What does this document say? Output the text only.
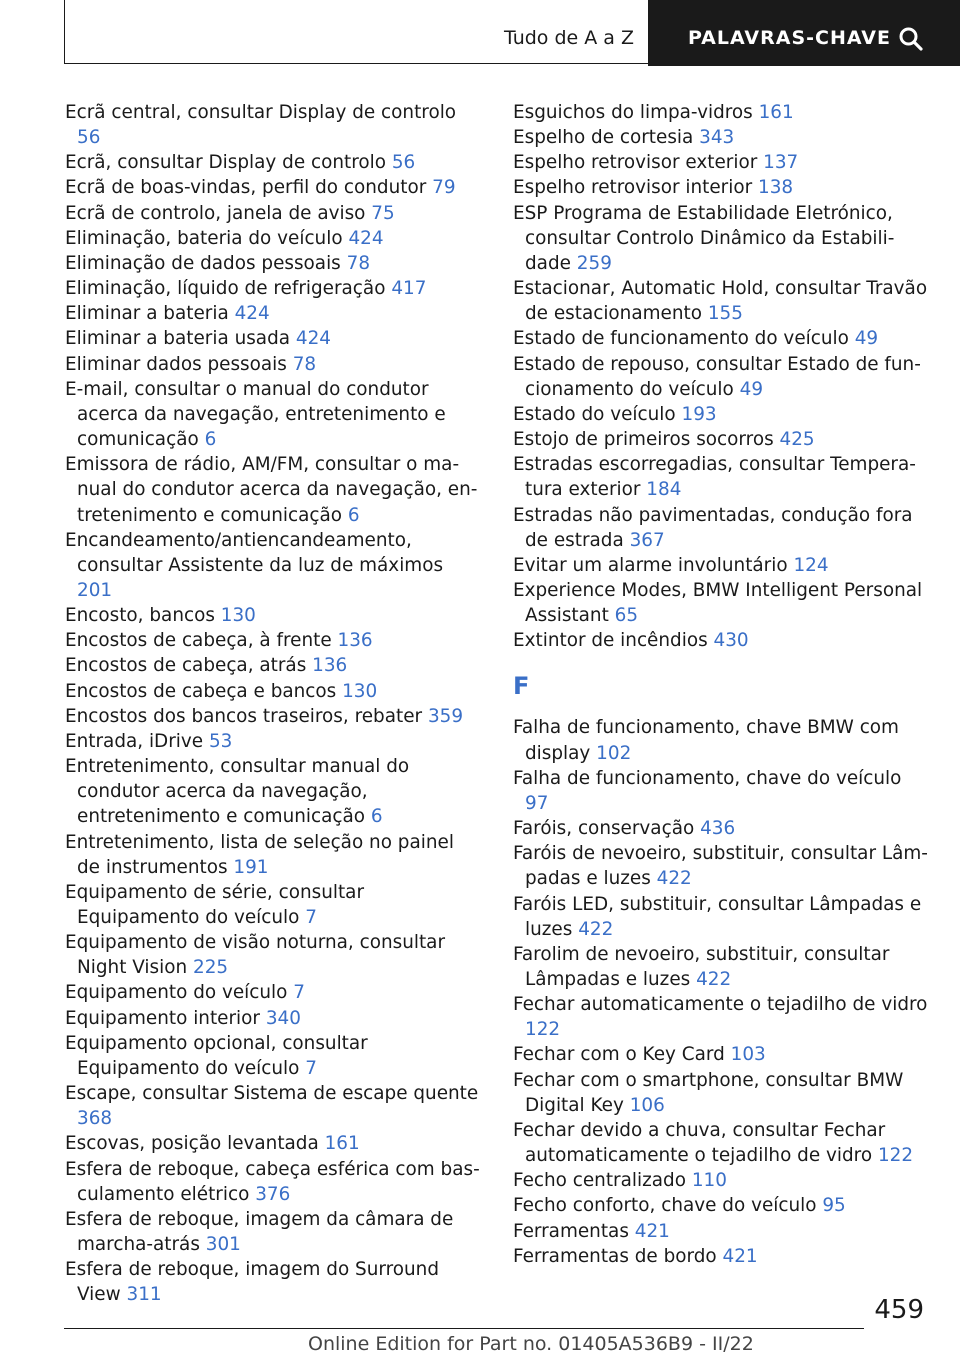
Tudo de A a Z	PALAVRAS-CHAVE
Ecrã central, consultar Display de controlo 56
Ecrã, consultar Display de controlo 56
Ecrã de boas-vindas, perfil do condutor 79
Ecrã de controlo, janela de aviso 75
Eliminação, bateria do veículo 424
Eliminação de dados pessoais 78
Eliminação, líquido de refrigeração 417
Eliminar a bateria 424
Eliminar a bateria usada 424
Eliminar dados pessoais 78
E-mail, consultar o manual do condutor acerca da navegação, entretenimento e comunicação 6
Emissora de rádio, AM/FM, consultar o manual do condutor acerca da navegação, entretenimento e comunicação 6
Encandeamento/antiencandeamento, consultar Assistente da luz de máximos 201
Encosto, bancos 130
Encostos de cabeça, à frente 136
Encostos de cabeça, atrás 136
Encostos de cabeça e bancos 130
Encostos dos bancos traseiros, rebater 359
Entrada, iDrive 53
Entretenimento, consultar manual do condutor acerca da navegação, entretenimento e comunicação 6
Entretenimento, lista de seleção no painel de instrumentos 191
Equipamento de série, consultar Equipamento do veículo 7
Equipamento de visão noturna, consultar Night Vision 225
Equipamento do veículo 7
Equipamento interior 340
Equipamento opcional, consultar Equipamento do veículo 7
Escape, consultar Sistema de escape quente 368
Escovas, posição levantada 161
Esfera de reboque, cabeça esférica com basculamento elétrico 376
Esfera de reboque, imagem da câmara de marcha-atrás 301
Esfera de reboque, imagem do Surround View 311
Esguichos do limpa-vidros 161
Espelho de cortesia 343
Espelho retrovisor exterior 137
Espelho retrovisor interior 138
ESP Programa de Estabilidade Eletrónico, consultar Controlo Dinâmico da Estabilidade 259
Estacionar, Automatic Hold, consultar Travão de estacionamento 155
Estado de funcionamento do veículo 49
Estado de repouso, consultar Estado de funcionamento do veículo 49
Estado do veículo 193
Estojo de primeiros socorros 425
Estradas escorregadias, consultar Temperatura exterior 184
Estradas não pavimentadas, condução fora de estrada 367
Evitar um alarme involuntário 124
Experience Modes, BMW Intelligent Personal Assistant 65
Extintor de incêndios 430
F
Falha de funcionamento, chave BMW com display 102
Falha de funcionamento, chave do veículo 97
Faróis, conservação 436
Faróis de nevoeiro, substituir, consultar Lâmpadas e luzes 422
Faróis LED, substituir, consultar Lâmpadas e luzes 422
Farolim de nevoeiro, substituir, consultar Lâmpadas e luzes 422
Fechar automaticamente o tejadilho de vidro 122
Fechar com o Key Card 103
Fechar com o smartphone, consultar BMW Digital Key 106
Fechar devido a chuva, consultar Fechar automaticamente o tejadilho de vidro 122
Fecho centralizado 110
Fecho conforto, chave do veículo 95
Ferramentas 421
Ferramentas de bordo 421
459
Online Edition for Part no. 01405A536B9 - II/22
